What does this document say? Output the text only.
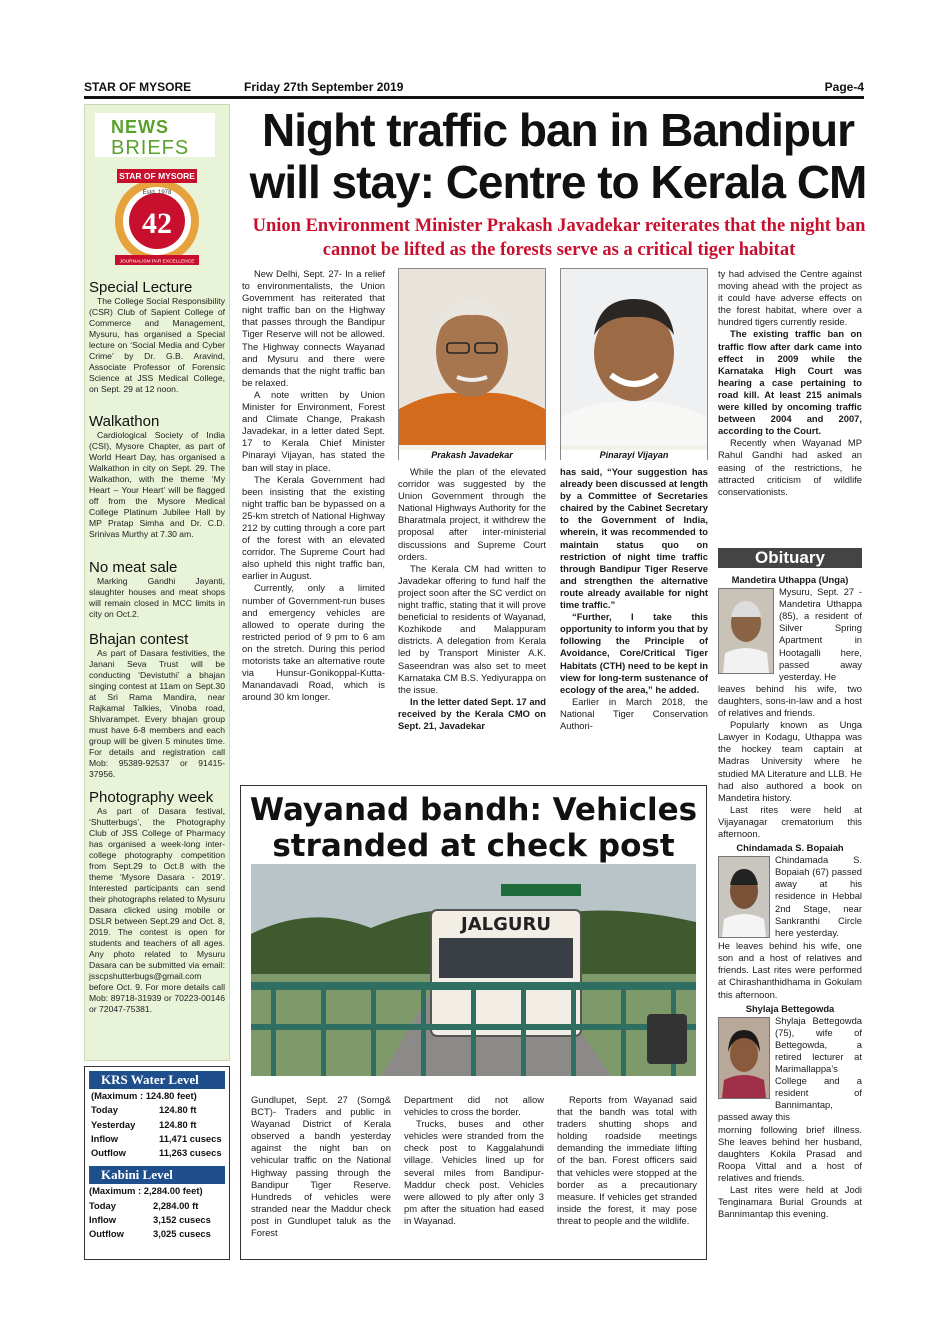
STAR OF MYSORE	Friday 27th September 2019	Page-4
NEWS
BRIEFS
STAR OF MYSORE
Estd. 1978
42
JOURNALISM PAR EXCELLENCE
Special Lecture
The College Social Responsibility (CSR) Club of Sapient College of Commerce and Management, Mysuru, has organised a Special lecture on ‘Social Media and Cyber Crime’ by Dr. G.B. Aravind, Associate Professor of Forensic Science at JSS Medical College, on Sept. 29 at 12 noon.
Walkathon
Cardiological Society of India (CSI), Mysore Chapter, as part of World Heart Day, has organised a Walkathon in city on Sept. 29. The Walkathon, with the theme ‘My Heart – Your Heart’ will be flagged off from the Mysore Medical College Platinum Jubilee Hall by MP Pratap Simha and Dr. C.D. Srinivas Murthy at 7.30 am.
No meat sale
Marking Gandhi Jayanti, slaughter houses and meat shops will remain closed in MCC limits in city on Oct.2.
Bhajan contest
As part of Dasara festivities, the Janani Seva Trust will be conducting ‘Devistuthi’ a bhajan singing contest at 11am on Sept.30 at Sri Rama Mandira, near Rajkamal Talkies, Vinoba road, Shivarampet. Every bhajan group must have 6-8 members and each group will be given 5 minutes time. For details and registration call Mob: 95389-92537 or 91415-37956.
Photography week
As part of Dasara festival, ‘Shutterbugs’, the Photography Club of JSS College of Pharmacy has organised a week-long inter-college photography competition from Sept.29 to Oct.8 with the theme ‘Mysore Dasara - 2019’. Interested participants can send their photographs related to Mysuru Dasara clicked using mobile or DSLR between Sept.29 and Oct. 8, 2019. The contest is open for students and teachers of all ages. Any photo related to Mysuru Dasara can be submitted via email: jsscpshutterbugs@gmail.com before Oct. 9. For more details call Mob: 89718-31939 or 70223-00146 or 72047-75381.
Night traffic ban in Bandipur
will stay: Centre to Kerala CM
Union Environment Minister Prakash Javadekar reiterates that the night ban cannot be lifted as the forests serve as a critical tiger habitat

New Delhi, Sept. 27- In a relief to environmentalists, the Union Government has reiterated that night traffic ban on the Highway that passes through the Bandipur Tiger Reserve will not be allowed. The Highway connects Wayanad and Mysuru and there were demands that the night traffic ban be relaxed.

A note written by Union Minister for Environment, Forest and Climate Change, Prakash Javadekar, in a letter dated Sept. 17 to Kerala Chief Minister Pinarayi Vijayan, has stated the ban will stay in place.

The Kerala Government had been insisting that the existing night traffic ban be bypassed on a 25-km stretch of National Highway 212 by cutting through a core part of the forest with an elevated corridor. The Supreme Court had also upheld this night traffic ban, earlier in August.

Currently, only a limited number of Government-run buses and emergency vehicles are allowed to operate during the restricted period of 9 pm to 6 am on the stretch. During this period motorists take an alternative route via Hunsur-Gonikoppal-Kutta-Manandavadi Road, which is around 30 km longer.

Prakash Javadekar	Pinarayi Vijayan

While the plan of the elevated corridor was suggested by the Union Government through the National Highways Authority for the Bharatmala project, it withdrew the proposal after inter-ministerial discussions and Supreme Court orders.

The Kerala CM had written to Javadekar offering to fund half the project soon after the SC verdict on night traffic, stating that it will prove beneficial to residents of Wayanad, Kozhikode and Malappuram districts. A delegation from Kerala led by Transport Minister A.K. Saseendran was also set to meet Karnataka CM B.S. Yediyurappa on the issue.

In the letter dated Sept. 17 and received by the Kerala CMO on Sept. 21, Javadekar

has said, “Your suggestion has already been discussed at length by a Committee of Secretaries chaired by the Cabinet Secretary to the Government of India, wherein, it was recommended to maintain status quo on restriction of night time traffic through Bandipur Tiger Reserve and strengthen the alternative route already available for night time traffic.”

“Further, I take this opportunity to inform you that by following the Principle of Avoidance, Core/Critical Tiger Habitats (CTH) need to be kept in view for long-term sustenance of ecology of the area,” he added.

Earlier in March 2018, the National Tiger Conservation Authori-

ty had advised the Centre against moving ahead with the project as it could have adverse effects on the forest habitat, where over a hundred tigers currently reside.

The existing traffic ban on traffic flow after dark came into effect in 2009 while the Karnataka High Court was hearing a case pertaining to road kill. At least 215 animals were killed by oncoming traffic between 2004 and 2007, according to the Court.

Recently when Wayanad MP Rahul Gandhi had asked an easing of the restrictions, he attracted criticism of wildlife conservationists.

Obituary
Mandetira Uthappa (Unga)
Mysuru, Sept. 27 - Mandetira Uthappa (85), a resident of Silver Spring Apartment in Hootagalli here, passed away yesterday. He
leaves behind his wife, two daughters, sons-in-law and a host of relatives and friends.

Popularly known as Unga Lawyer in Kodagu, Uthappa was the hockey team captain at Madras University where he studied MA Literature and LLB. He had also authored a book on Mandetira history.

Last rites were held at Vijayanagar crematorium this afternoon.

Chindamada S. Bopaiah
Chindamada S. Bopaiah (67) passed away at his residence in Hebbal 2nd Stage, near Sankranthi Circle here yesterday.
He leaves behind his wife, one son and a host of relatives and friends. Last rites were performed at Chirashanthidhama in Gokulam this afternoon.
Shylaja Bettegowda
Shylaja Bettegowda (75), wife of Bettegowda, a retired lecturer at Marimallappa’s College and a resident of Bannimantap, passed away this
morning following brief illness. She leaves behind her husband, daughters Kokila Prasad and Roopa Vittal and a host of relatives and friends.

Last rites were held at Jodi Tenginamara Burial Grounds at Bannimantap this evening.

Wayanad bandh: Vehicles
stranded at check post
JALGURU

Gundlupet, Sept. 27 (Somg& BCT)- Traders and public in Wayanad District of Kerala observed a bandh yesterday against the night ban on vehicular traffic on the National Highway passing through the Bandipur Tiger Reserve. Hundreds of vehicles were stranded near the Maddur check post in Gundlupet taluk as the Forest

Department did not allow vehicles to cross the border.

Trucks, buses and other vehicles were stranded from the check post to Kaggalahundi village. Vehicles lined up for several miles from Bandipur-Maddur check post. Vehicles were allowed to ply after only 3 pm after the situation had eased in Wayanad.

Reports from Wayanad said that the bandh was total with traders shutting shops and holding roadside meetings demanding the immediate lifting of the ban. Forest officers said that vehicles were stopped at the border as a precautionary measure. If vehicles get stranded inside the forest, it may pose threat to people and the wildlife.

KRS Water Level
(Maximum : 124.80 feet)
Today	124.80 ft
Yesterday	124.80 ft
Inflow	11,471 cusecs
Outflow	11,263 cusecs
Kabini Level
(Maximum : 2,284.00 feet)
Today	2,284.00 ft
Inflow	3,152 cusecs
Outflow	3,025 cusecs
